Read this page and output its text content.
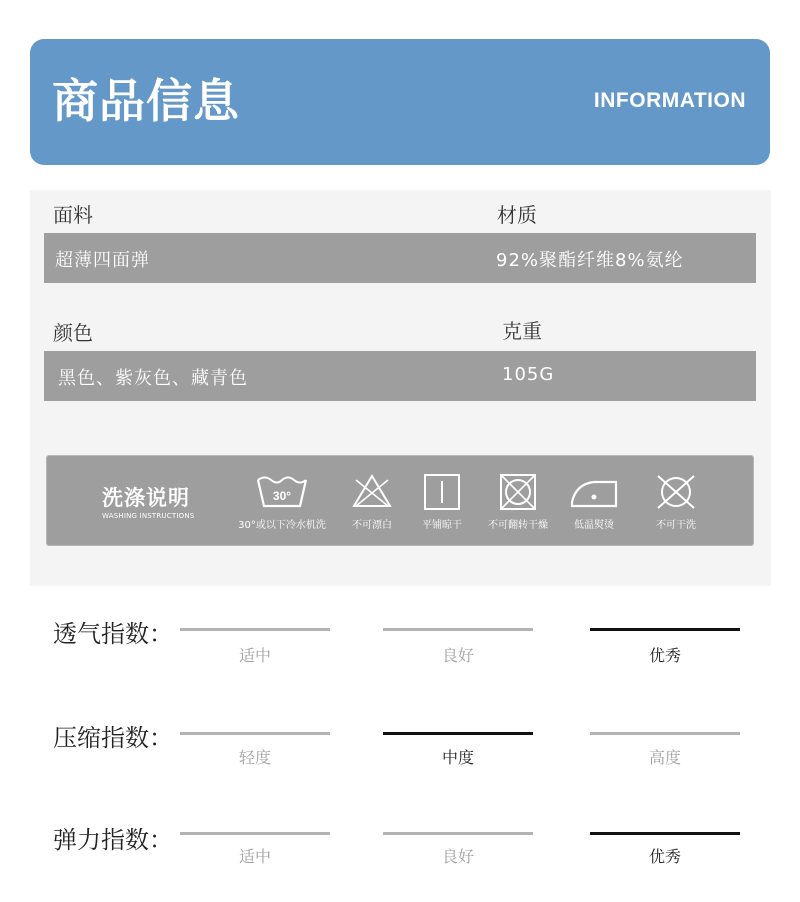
商品信息	INFORMATION
面料	材质
超薄四面弹	92%聚酯纤维8%氨纶
颜色	克重
黑色、紫灰色、藏青色	105G
洗涤说明
WASHING INSTRUCTIONS
30°
30°或以下冷水机洗	不可漂白	平铺晾干	不可翻转干燥	低温熨烫	不可干洗
透气指数：
适中	良好	优秀
压缩指数：
轻度	中度	高度
弹力指数：
适中	良好	优秀
